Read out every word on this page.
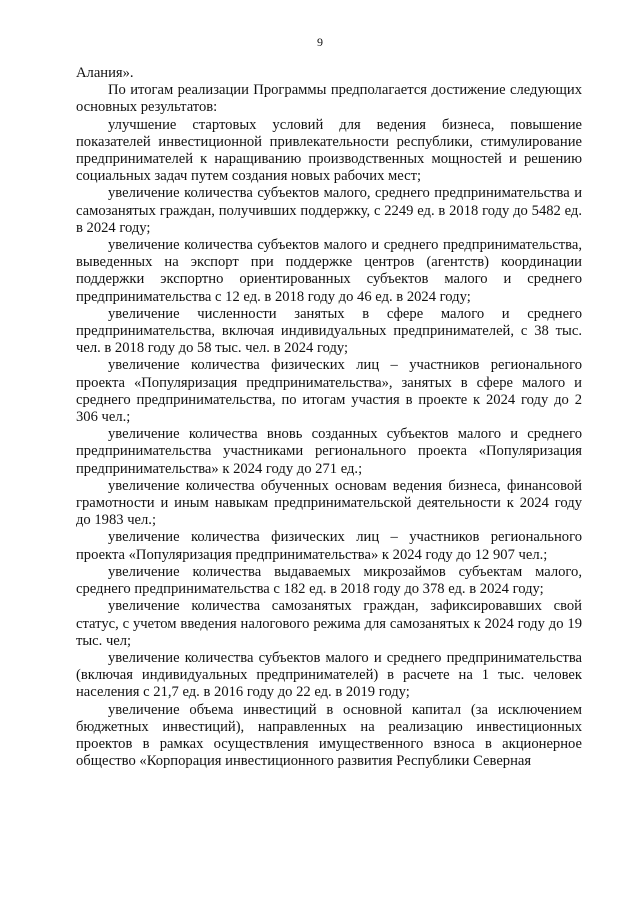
9

Алания».

По итогам реализации Программы предполагается достижение следующих основных результатов:

улучшение стартовых условий для ведения бизнеса, повышение показателей инвестиционной привлекательности республики, стимулирование предпринимателей к наращиванию производственных мощностей и решению социальных задач путем создания новых рабочих мест;

увеличение количества субъектов малого, среднего предпринимательства и самозанятых граждан, получивших поддержку, с 2249 ед. в 2018 году до 5482 ед. в 2024 году;

увеличение количества субъектов малого и среднего предпринимательства, выведенных на экспорт при поддержке центров (агентств) координации поддержки экспортно ориентированных субъектов малого и среднего предпринимательства с 12 ед. в 2018 году до 46 ед. в 2024 году;

увеличение численности занятых в сфере малого и среднего предпринимательства, включая индивидуальных предпринимателей, с 38 тыс. чел. в 2018 году до 58 тыс. чел. в 2024 году;

увеличение количества физических лиц – участников регионального проекта «Популяризация предпринимательства», занятых в сфере малого и среднего предпринимательства, по итогам участия в проекте к 2024 году до 2 306 чел.;

увеличение количества вновь созданных субъектов малого и среднего предпринимательства участниками регионального проекта «Популяризация предпринимательства» к 2024 году до 271 ед.;

увеличение количества обученных основам ведения бизнеса, финансовой грамотности и иным навыкам предпринимательской деятельности к 2024 году до 1983 чел.;

увеличение количества физических лиц – участников регионального проекта «Популяризация предпринимательства» к 2024 году до 12 907 чел.;

увеличение количества выдаваемых микрозаймов субъектам малого, среднего предпринимательства с 182 ед. в 2018 году до 378 ед. в 2024 году;

увеличение количества самозанятых граждан, зафиксировавших свой статус, с учетом введения налогового режима для самозанятых к 2024 году до 19 тыс. чел;

увеличение количества субъектов малого и среднего предпринимательства (включая индивидуальных предпринимателей) в расчете на 1 тыс. человек населения с 21,7 ед. в 2016 году до 22 ед. в 2019 году;

увеличение объема инвестиций в основной капитал (за исключением бюджетных инвестиций), направленных на реализацию инвестиционных проектов в рамках осуществления имущественного взноса в акционерное общество «Корпорация инвестиционного развития Республики Северная
